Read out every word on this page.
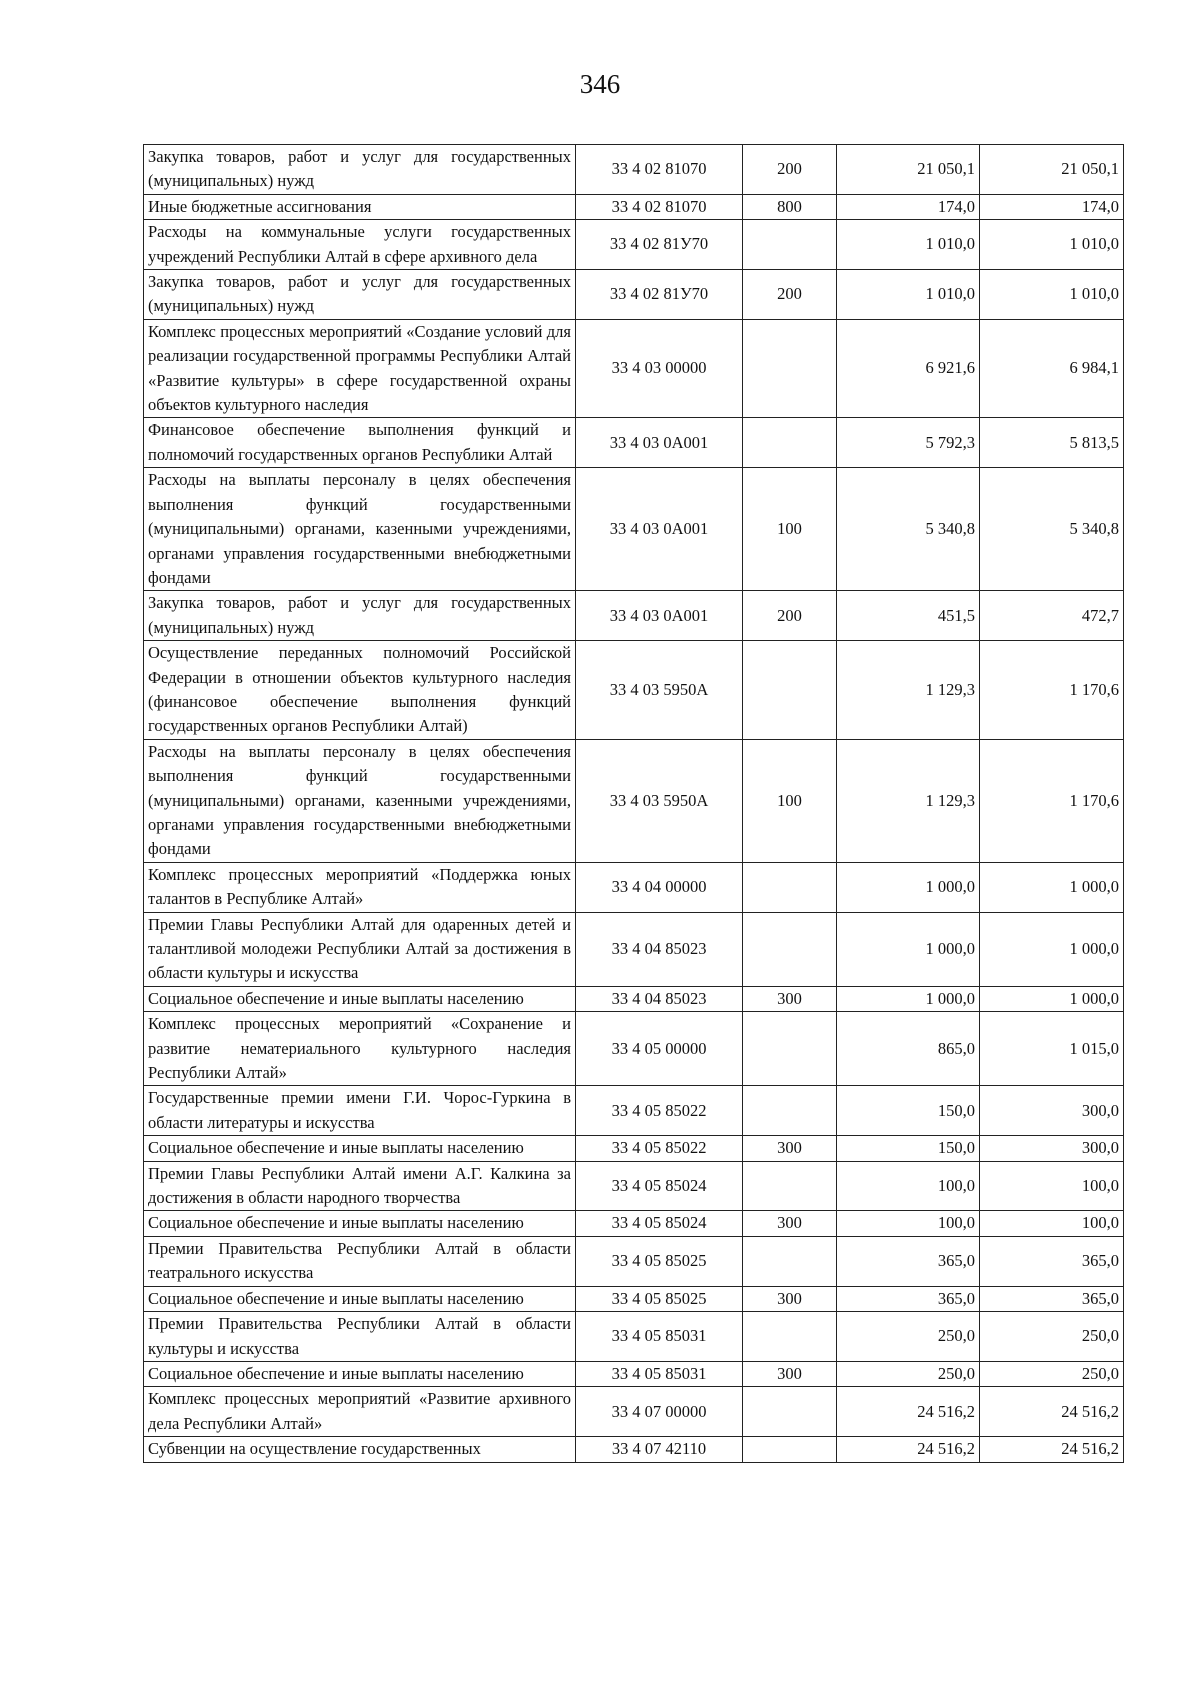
346
Закупка товаров, работ и услуг для государственных (муниципальных) нужд	33 4 02 81070	200	21 050,1	21 050,1
Иные бюджетные ассигнования	33 4 02 81070	800	174,0	174,0
Расходы на коммунальные услуги государственных учреждений Республики Алтай в сфере архивного дела	33 4 02 81У70		1 010,0	1 010,0
Закупка товаров, работ и услуг для государственных (муниципальных) нужд	33 4 02 81У70	200	1 010,0	1 010,0
Комплекс процессных мероприятий «Создание условий для реализации государственной программы Республики Алтай «Развитие культуры» в сфере государственной охраны объектов культурного наследия	33 4 03 00000		6 921,6	6 984,1
Финансовое обеспечение выполнения функций и полномочий государственных органов Республики Алтай	33 4 03 0А001		5 792,3	5 813,5
Расходы на выплаты персоналу в целях обеспечения выполнения функций государственными (муниципальными) органами, казенными учреждениями, органами управления государственными внебюджетными фондами	33 4 03 0А001	100	5 340,8	5 340,8
Закупка товаров, работ и услуг для государственных (муниципальных) нужд	33 4 03 0А001	200	451,5	472,7
Осуществление переданных полномочий Российской Федерации в отношении объектов культурного наследия (финансовое обеспечение выполнения функций государственных органов Республики Алтай)	33 4 03 5950А		1 129,3	1 170,6
Расходы на выплаты персоналу в целях обеспечения выполнения функций государственными (муниципальными) органами, казенными учреждениями, органами управления государственными внебюджетными фондами	33 4 03 5950А	100	1 129,3	1 170,6
Комплекс процессных мероприятий «Поддержка юных талантов в Республике Алтай»	33 4 04 00000		1 000,0	1 000,0
Премии Главы Республики Алтай для одаренных детей и талантливой молодежи Республики Алтай за достижения в области культуры и искусства	33 4 04 85023		1 000,0	1 000,0
Социальное обеспечение и иные выплаты населению	33 4 04 85023	300	1 000,0	1 000,0
Комплекс процессных мероприятий «Сохранение и развитие нематериального культурного наследия Республики Алтай»	33 4 05 00000		865,0	1 015,0
Государственные премии имени Г.И. Чорос-Гуркина в области литературы и искусства	33 4 05 85022		150,0	300,0
Социальное обеспечение и иные выплаты населению	33 4 05 85022	300	150,0	300,0
Премии Главы Республики Алтай имени А.Г. Калкина за достижения в области народного творчества	33 4 05 85024		100,0	100,0
Социальное обеспечение и иные выплаты населению	33 4 05 85024	300	100,0	100,0
Премии Правительства Республики Алтай в области театрального искусства	33 4 05 85025		365,0	365,0
Социальное обеспечение и иные выплаты населению	33 4 05 85025	300	365,0	365,0
Премии Правительства Республики Алтай в области культуры и искусства	33 4 05 85031		250,0	250,0
Социальное обеспечение и иные выплаты населению	33 4 05 85031	300	250,0	250,0
Комплекс процессных мероприятий «Развитие архивного дела Республики Алтай»	33 4 07 00000		24 516,2	24 516,2
Субвенции на осуществление государственных	33 4 07 42110		24 516,2	24 516,2
